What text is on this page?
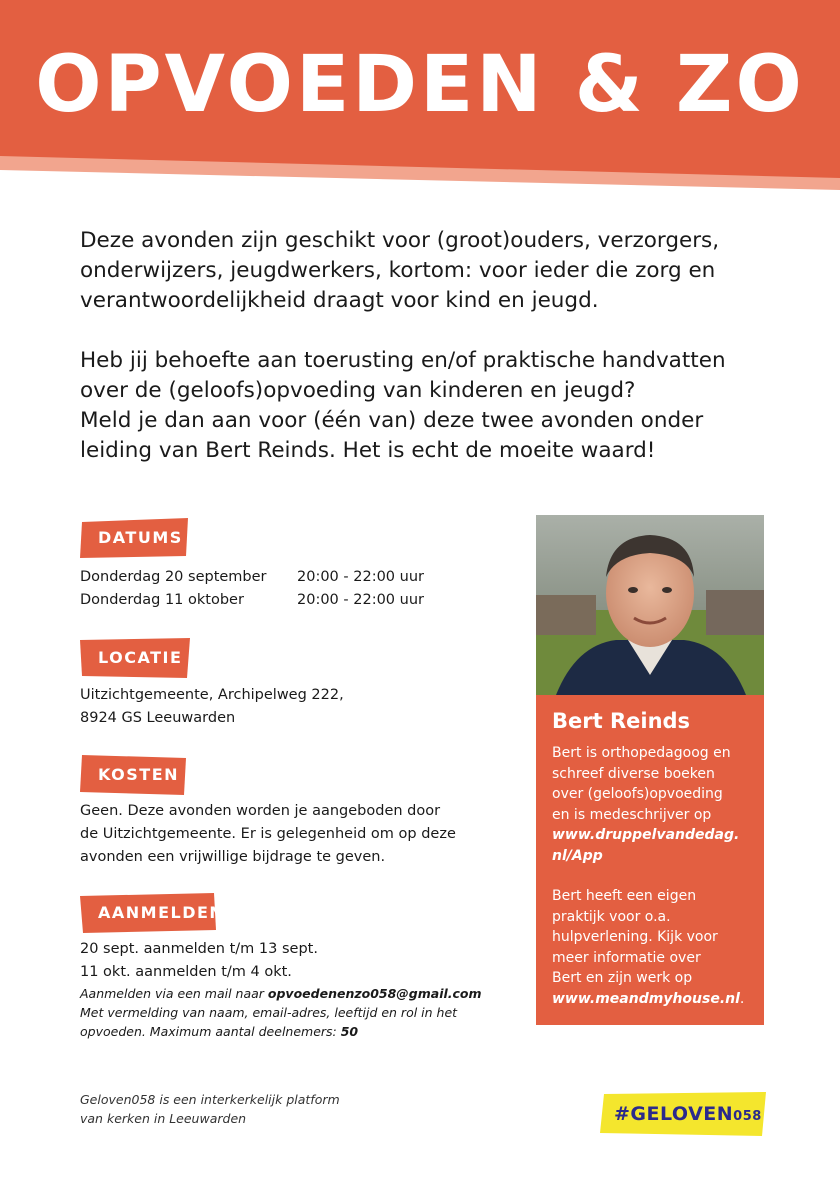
OPVOEDEN & ZO

Deze avonden zijn geschikt voor (groot)ouders, verzorgers,
onderwijzers, jeugdwerkers, kortom: voor ieder die zorg en
verantwoordelijkheid draagt voor kind en jeugd.

Heb jij behoefte aan toerusting en/of praktische handvatten
over de (geloofs)opvoeding van kinderen en jeugd?
Meld je dan aan voor (één van) deze twee avonden onder
leiding van Bert Reinds. Het is echt de moeite waard!

DATUMS
Donderdag 20 september	20:00 - 22:00 uur
Donderdag 11 oktober	20:00 - 22:00 uur
LOCATIE
Uitzichtgemeente, Archipelweg 222,
8924 GS Leeuwarden
KOSTEN
Geen. Deze avonden worden je aangeboden door
de Uitzichtgemeente. Er is gelegenheid om op deze
avonden een vrijwillige bijdrage te geven.
AANMELDEN
20 sept. aanmelden t/m 13 sept.
11 okt. aanmelden t/m 4 okt.
Aanmelden via een mail naar opvoedenenzo058@gmail.com
Met vermelding van naam, email-adres, leeftijd en rol in het
opvoeden. Maximum aantal deelnemers: 50
Bert Reinds
Bert is orthopedagoog en
schreef diverse boeken
over (geloofs)opvoeding
en is medeschrijver op
www.druppelvandedag.
nl/App
Bert heeft een eigen
praktijk voor o.a.
hulpverlening. Kijk voor
meer informatie over
Bert en zijn werk op
www.meandmyhouse.nl.
Geloven058 is een interkerkelijk platform
van kerken in Leeuwarden	#GELOVEN058
